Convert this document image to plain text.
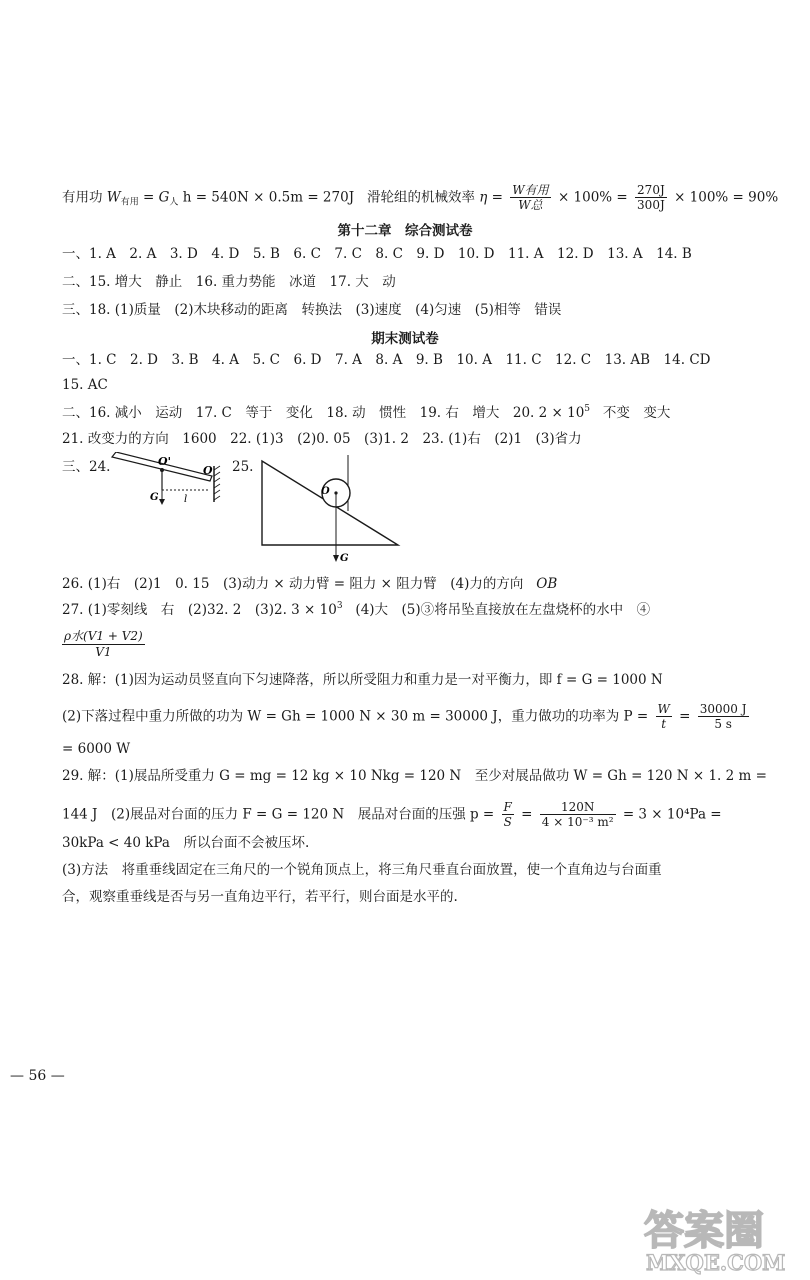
有用功 $W_{有用} = G_人$ h = 540N × 0.5m = 270J 滑轮组的机械效率 $\eta = \frac{\text{W有用}}{\text{W总}} \times 100\% = \frac{270J}{300J} \times 100\% = 90\%$
第十二章　综合测试卷
一、1. A　2. A　3. D　4. D　5. B　6. C　7. C　8. C　9. D　10. D　11. A　12. D　13. A　14. B
二、15. 增大　静止　16. 重力势能　冰道　17. 大　动
三、18. (1)质量　(2)木块移动的距离　转换法　(3)速度　(4)匀速　(5)相等　错误
期末测试卷
一、1. C　2. D　3. B　4. A　5. C　6. D　7. A　8. A　9. B　10. A　11. C　12. C　13. AB　14. CD
15. AC
二、16. 减小　运动　17. C　等于　变化　18. 动　惯性　19. 右　增大　20. $2 \times 10^5$ 不变　变大
21. 改变力的方向　1600　22. (1)3　(2)0. 05　(3)1. 2　23. (1)右　(2)1　(3)省力
三、24.	25.
O'
O
G	l
O
G
26. (1)右　(2)1　0. 15　(3)动力 × 动力臂 = 阻力 × 阻力臂　(4)力的方向 OB
27. (1)零刻线　右　(2)32. 2　(3)2. $3 \times 10^3$ (4)大　(5)③将吊坠直接放在左盘烧杯的水中　④
$\frac{\text{ρ水(V1 + V2)}}{V1}$
28. 解：(1)因为运动员竖直向下匀速降落，所以所受阻力和重力是一对平衡力，即 f = G = 1000 N
(2)下落过程中重力所做的功为 W = Gh = 1000 N × 30 m = 30000 J，重力做功的功率为 $P = \frac{W}{t} = \frac{30000 J}{5 s}$
= 6000 W
29. 解：(1)展品所受重力 G = mg = 12 kg × 10 Nkg = 120 N　至少对展品做功 W = Gh = 120 N × 1. 2 m =
144 J　(2)展品对台面的压力 F = G = 120 N　展品对台面的压强 $p = \frac{F}{S} = \frac{120N}{\text{4 × 10⁻³ m²}} = 3 \times 10^4Pa$ =
30kPa < 40 kPa　所以台面不会被压坏.
(3)方法　将重垂线固定在三角尺的一个锐角顶点上，将三角尺垂直台面放置，使一个直角边与台面重
合，观察重垂线是否与另一直角边平行，若平行，则台面是水平的.
— 56 —
答案圈
MXQE.COM
